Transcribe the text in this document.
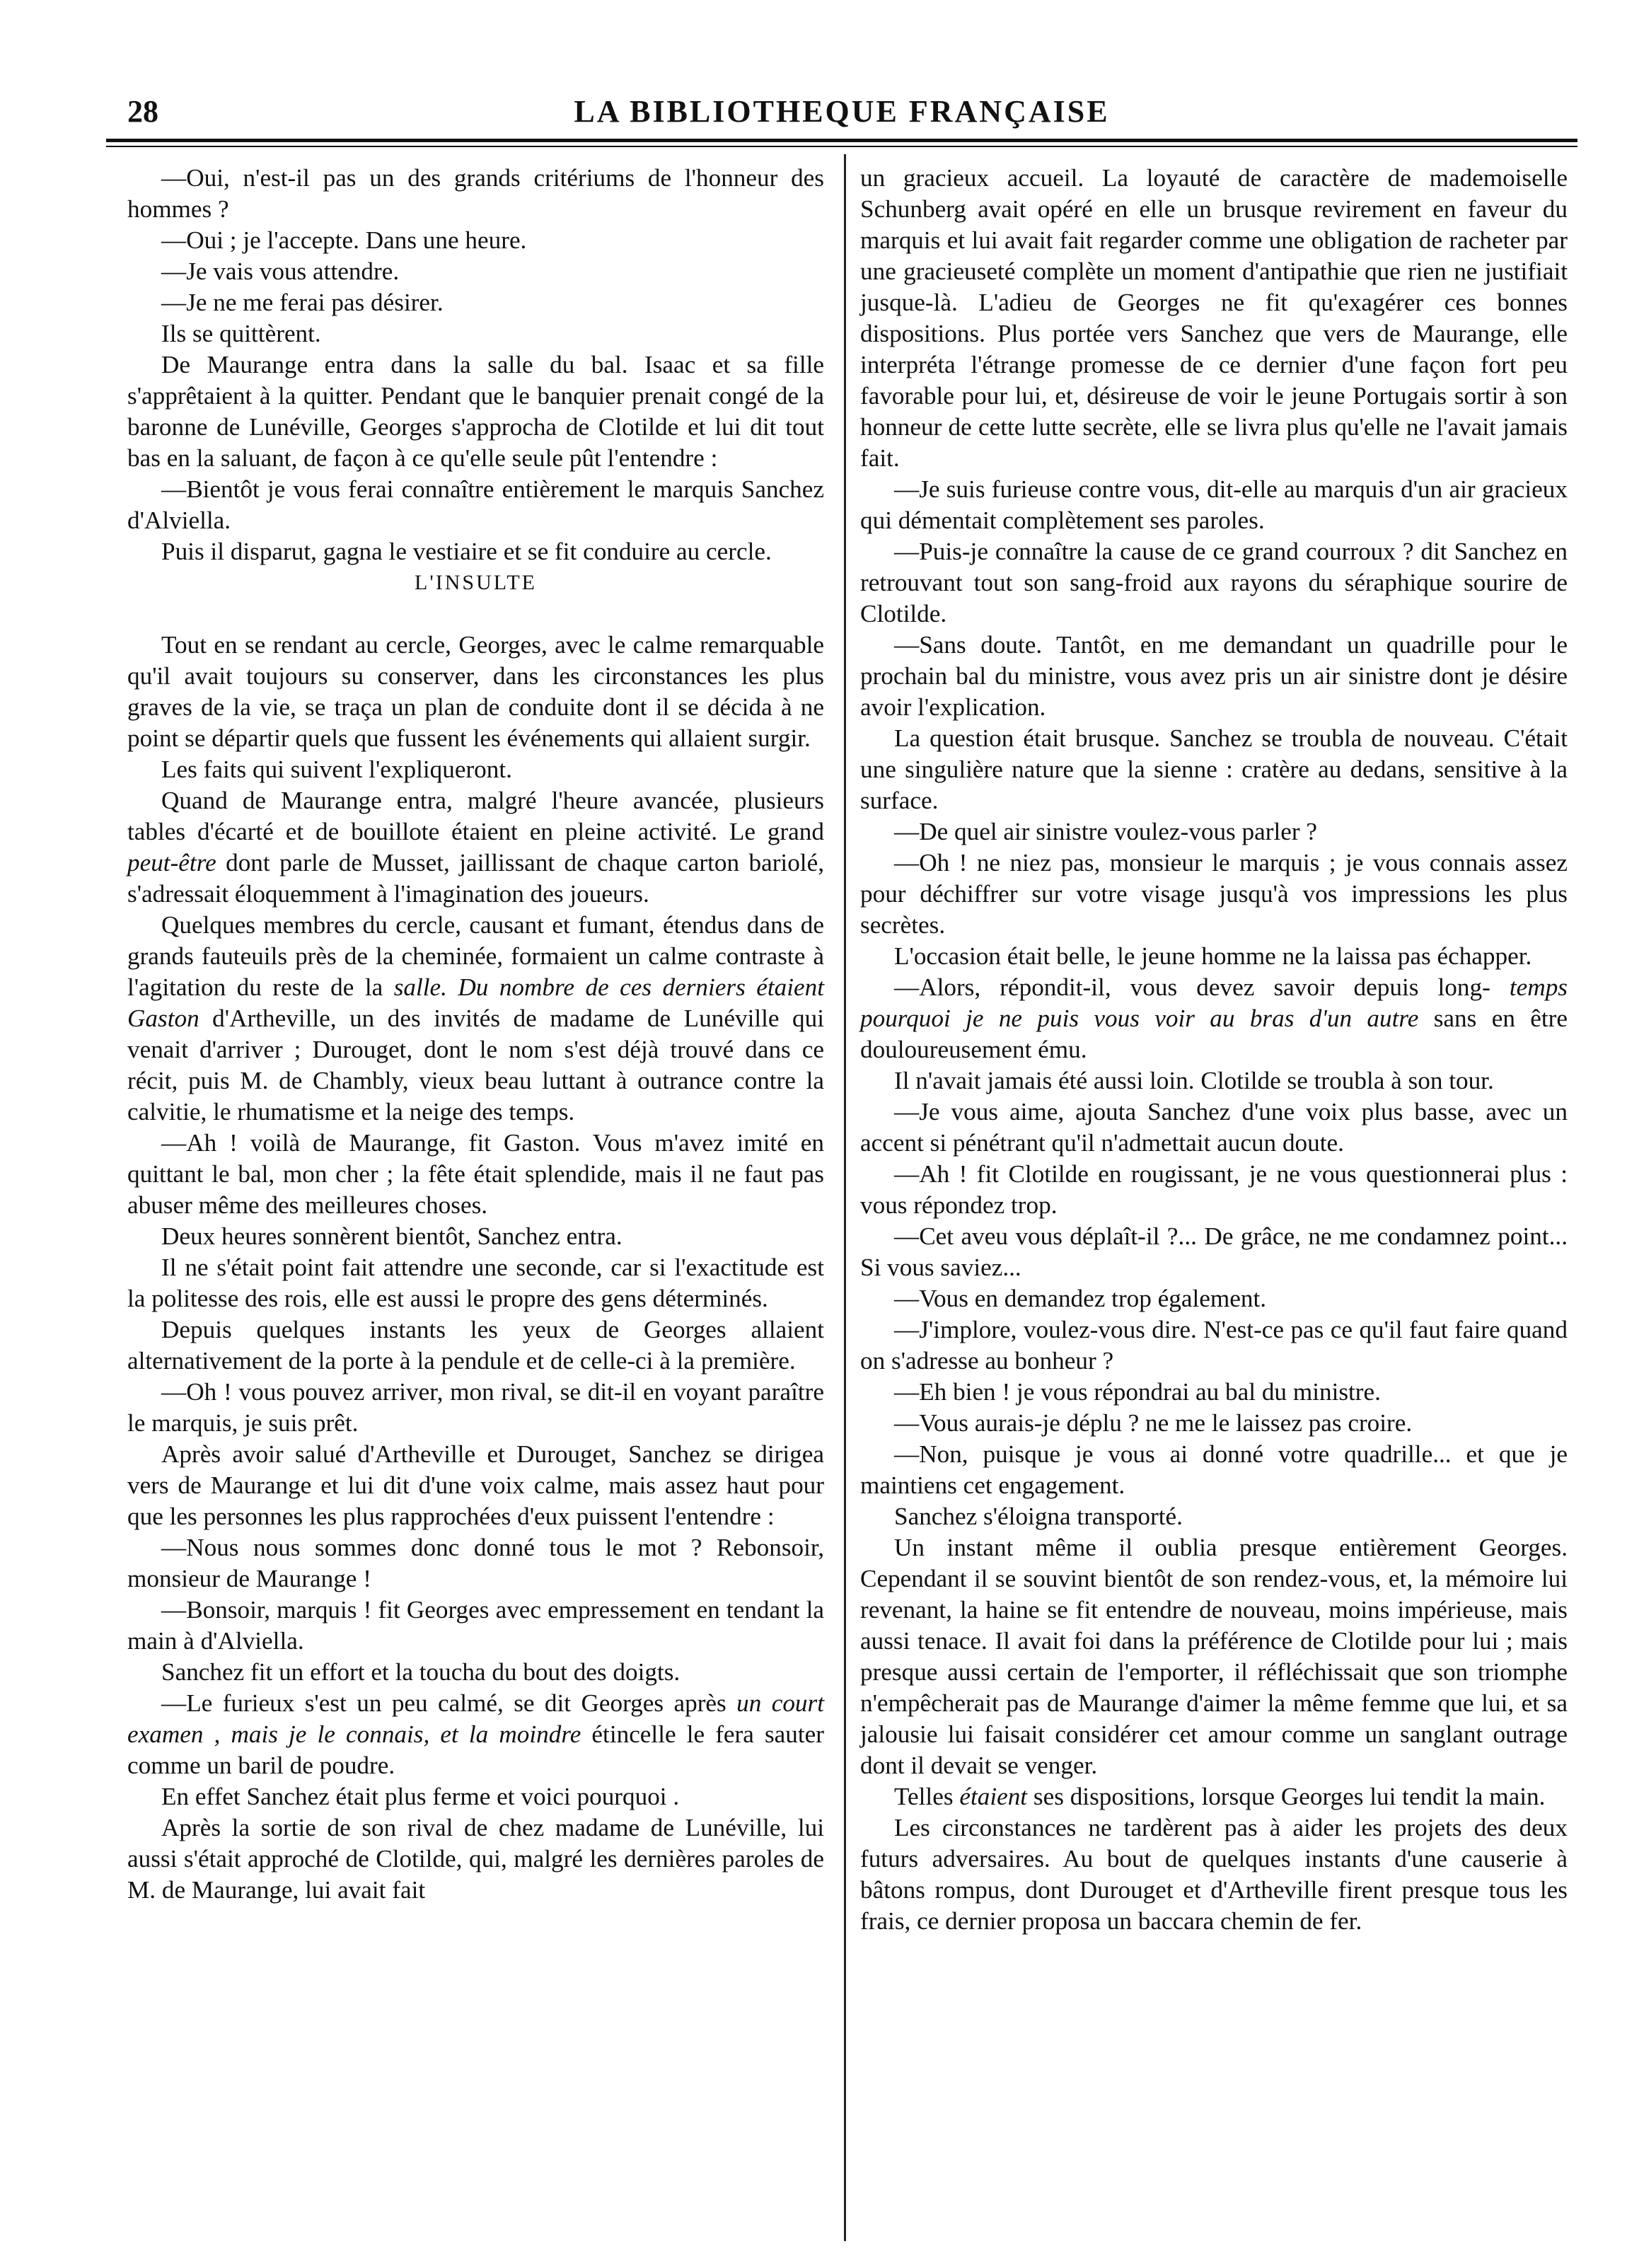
28	LA BIBLIOTHEQUE FRANÇAISE

—Oui, n'est-il pas un des grands critériums de l'honneur des hommes ?

—Oui ; je l'accepte. Dans une heure.

—Je vais vous attendre.

—Je ne me ferai pas désirer.

Ils se quittèrent.

De Maurange entra dans la salle du bal. Isaac et sa fille s'apprêtaient à la quitter. Pendant que le banquier prenait congé de la baronne de Lunéville, Georges s'approcha de Clotilde et lui dit tout bas en la saluant, de façon à ce qu'elle seule pût l'entendre :

—Bientôt je vous ferai connaître entièrement le marquis Sanchez d'Alviella.

Puis il disparut, gagna le vestiaire et se fit conduire au cercle.

L'INSULTE

Tout en se rendant au cercle, Georges, avec le calme remarquable qu'il avait toujours su conserver, dans les circonstances les plus graves de la vie, se traça un plan de conduite dont il se décida à ne point se départir quels que fussent les événements qui allaient surgir.

Les faits qui suivent l'expliqueront.

Quand de Maurange entra, malgré l'heure avancée, plusieurs tables d'écarté et de bouillote étaient en pleine activité. Le grand peut-être dont parle de Musset, jaillissant de chaque carton bariolé, s'adressait éloquemment à l'imagination des joueurs.

Quelques membres du cercle, causant et fumant, étendus dans de grands fauteuils près de la cheminée, formaient un calme contraste à l'agitation du reste de la salle. Du nombre de ces derniers étaient Gaston d'Artheville, un des invités de madame de Lunéville qui venait d'arriver ; Durouget, dont le nom s'est déjà trouvé dans ce récit, puis M. de Chambly, vieux beau luttant à outrance contre la calvitie, le rhumatisme et la neige des temps.

—Ah ! voilà de Maurange, fit Gaston. Vous m'avez imité en quittant le bal, mon cher ; la fête était splendide, mais il ne faut pas abuser même des meilleures choses.

Deux heures sonnèrent bientôt, Sanchez entra.

Il ne s'était point fait attendre une seconde, car si l'exactitude est la politesse des rois, elle est aussi le propre des gens déterminés.

Depuis quelques instants les yeux de Georges allaient alternativement de la porte à la pendule et de celle-ci à la première.

—Oh ! vous pouvez arriver, mon rival, se dit-il en voyant paraître le marquis, je suis prêt.

Après avoir salué d'Artheville et Durouget, Sanchez se dirigea vers de Maurange et lui dit d'une voix calme, mais assez haut pour que les personnes les plus rapprochées d'eux puissent l'entendre :

—Nous nous sommes donc donné tous le mot ? Rebonsoir, monsieur de Maurange !

—Bonsoir, marquis ! fit Georges avec empressement en tendant la main à d'Alviella.

Sanchez fit un effort et la toucha du bout des doigts.

—Le furieux s'est un peu calmé, se dit Georges après un court examen , mais je le connais, et la moindre étincelle le fera sauter comme un baril de poudre.

En effet Sanchez était plus ferme et voici pourquoi .

Après la sortie de son rival de chez madame de Lunéville, lui aussi s'était approché de Clotilde, qui, malgré les dernières paroles de M. de Maurange, lui avait fait

un gracieux accueil. La loyauté de caractère de mademoiselle Schunberg avait opéré en elle un brusque revirement en faveur du marquis et lui avait fait regarder comme une obligation de racheter par une gracieuseté complète un moment d'antipathie que rien ne justifiait jusque-là. L'adieu de Georges ne fit qu'exagérer ces bonnes dispositions. Plus portée vers Sanchez que vers de Maurange, elle interpréta l'étrange promesse de ce dernier d'une façon fort peu favorable pour lui, et, désireuse de voir le jeune Portugais sortir à son honneur de cette lutte secrète, elle se livra plus qu'elle ne l'avait jamais fait.

—Je suis furieuse contre vous, dit-elle au marquis d'un air gracieux qui démentait complètement ses paroles.

—Puis-je connaître la cause de ce grand courroux ? dit Sanchez en retrouvant tout son sang-froid aux rayons du séraphique sourire de Clotilde.

—Sans doute. Tantôt, en me demandant un quadrille pour le prochain bal du ministre, vous avez pris un air sinistre dont je désire avoir l'explication.

La question était brusque. Sanchez se troubla de nouveau. C'était une singulière nature que la sienne : cratère au dedans, sensitive à la surface.

—De quel air sinistre voulez-vous parler ?

—Oh ! ne niez pas, monsieur le marquis ; je vous connais assez pour déchiffrer sur votre visage jusqu'à vos impressions les plus secrètes.

L'occasion était belle, le jeune homme ne la laissa pas échapper.

—Alors, répondit-il, vous devez savoir depuis long- temps pourquoi je ne puis vous voir au bras d'un autre sans en être douloureusement ému.

Il n'avait jamais été aussi loin. Clotilde se troubla à son tour.

—Je vous aime, ajouta Sanchez d'une voix plus basse, avec un accent si pénétrant qu'il n'admettait aucun doute.

—Ah ! fit Clotilde en rougissant, je ne vous questionnerai plus : vous répondez trop.

—Cet aveu vous déplaît-il ?... De grâce, ne me condamnez point... Si vous saviez...

—Vous en demandez trop également.

—J'implore, voulez-vous dire. N'est-ce pas ce qu'il faut faire quand on s'adresse au bonheur ?

—Eh bien ! je vous répondrai au bal du ministre.

—Vous aurais-je déplu ? ne me le laissez pas croire.

—Non, puisque je vous ai donné votre quadrille... et que je maintiens cet engagement.

Sanchez s'éloigna transporté.

Un instant même il oublia presque entièrement Georges. Cependant il se souvint bientôt de son rendez-vous, et, la mémoire lui revenant, la haine se fit entendre de nouveau, moins impérieuse, mais aussi tenace. Il avait foi dans la préférence de Clotilde pour lui ; mais presque aussi certain de l'emporter, il réfléchissait que son triomphe n'empêcherait pas de Maurange d'aimer la même femme que lui, et sa jalousie lui faisait considérer cet amour comme un sanglant outrage dont il devait se venger.

Telles étaient ses dispositions, lorsque Georges lui tendit la main.

Les circonstances ne tardèrent pas à aider les projets des deux futurs adversaires. Au bout de quelques instants d'une causerie à bâtons rompus, dont Durouget et d'Artheville firent presque tous les frais, ce dernier proposa un baccara chemin de fer.
